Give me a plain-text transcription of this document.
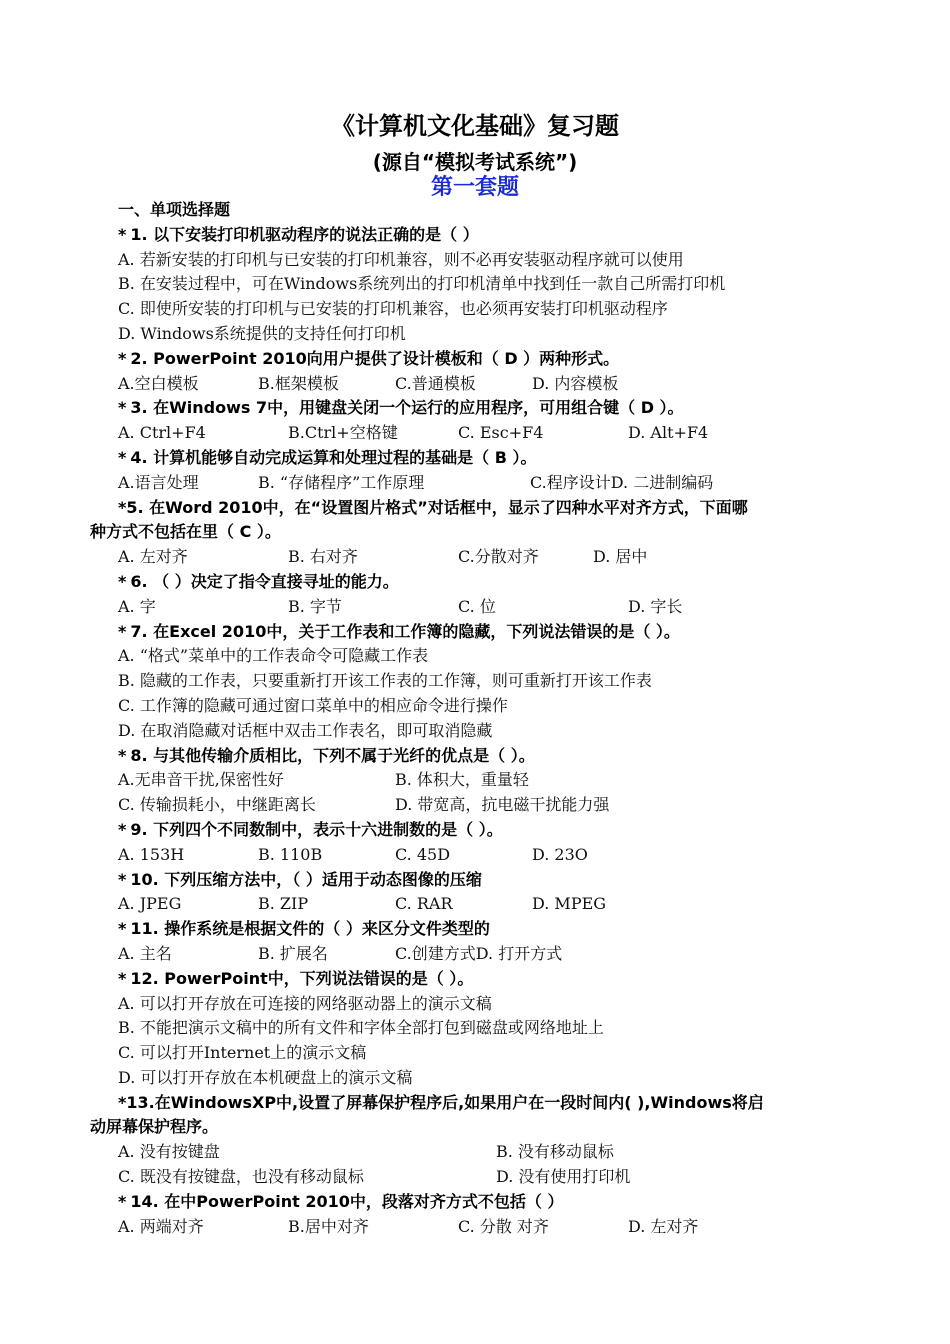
《计算机文化基础》复习题
(源自“模拟考试系统”)
第一套题
一、单项选择题
* 1. 以下安装打印机驱动程序的说法正确的是（ ）
A. 若新安装的打印机与已安装的打印机兼容，则不必再安装驱动程序就可以使用
B. 在安装过程中，可在Windows系统列出的打印机清单中找到任一款自己所需打印机
C. 即使所安装的打印机与已安装的打印机兼容，也必须再安装打印机驱动程序
D. Windows系统提供的支持任何打印机
* 2. PowerPoint 2010向用户提供了设计模板和（ D ）两种形式。
A.空白模板	B.框架模板	C.普通模板	D. 内容模板
* 3. 在Windows 7中，用键盘关闭一个运行的应用程序，可用组合键（ D ）。
A. Ctrl+F4	B.Ctrl+空格键	C. Esc+F4	D. Alt+F4
* 4. 计算机能够自动完成运算和处理过程的基础是（ B ）。
A.语言处理	B. “存储程序”工作原理	C.程序设计D. 二进制编码
*5. 在Word 2010中，在“设置图片格式”对话框中，显示了四种水平对齐方式，下面哪
种方式不包括在里（ C ）。
A. 左对齐	B. 右对齐	C.分散对齐	D. 居中
* 6. （ ）决定了指令直接寻址的能力。
A. 字	B. 字节	C. 位	D. 字长
* 7. 在Excel 2010中，关于工作表和工作簿的隐藏，下列说法错误的是（ ）。
A. “格式”菜单中的工作表命令可隐藏工作表
B. 隐藏的工作表，只要重新打开该工作表的工作簿，则可重新打开该工作表
C. 工作簿的隐藏可通过窗口菜单中的相应命令进行操作
D. 在取消隐藏对话框中双击工作表名，即可取消隐藏
* 8. 与其他传输介质相比，下列不属于光纤的优点是（ ）。
A.无串音干扰,保密性好	B. 体积大，重量轻
C. 传输损耗小，中继距离长	D. 带宽高，抗电磁干扰能力强
* 9. 下列四个不同数制中，表示十六进制数的是（ ）。
A. 153H	B. 110B	C. 45D	D. 23O
* 10. 下列压缩方法中，（ ）适用于动态图像的压缩
A. JPEG	B. ZIP	C. RAR	D. MPEG
* 11. 操作系统是根据文件的（ ）来区分文件类型的
A. 主名	B. 扩展名	C.创建方式D. 打开方式
* 12. PowerPoint中，下列说法错误的是（ ）。
A. 可以打开存放在可连接的网络驱动器上的演示文稿
B. 不能把演示文稿中的所有文件和字体全部打包到磁盘或网络地址上
C. 可以打开Internet上的演示文稿
D. 可以打开存放在本机硬盘上的演示文稿
*13.在WindowsXP中,设置了屏幕保护程序后,如果用户在一段时间内( ),Windows将启
动屏幕保护程序。
A. 没有按键盘	B. 没有移动鼠标
C. 既没有按键盘，也没有移动鼠标	D. 没有使用打印机
* 14. 在中PowerPoint 2010中，段落对齐方式不包括（ ）
A. 两端对齐	B.居中对齐	C. 分散 对齐	D. 左对齐
